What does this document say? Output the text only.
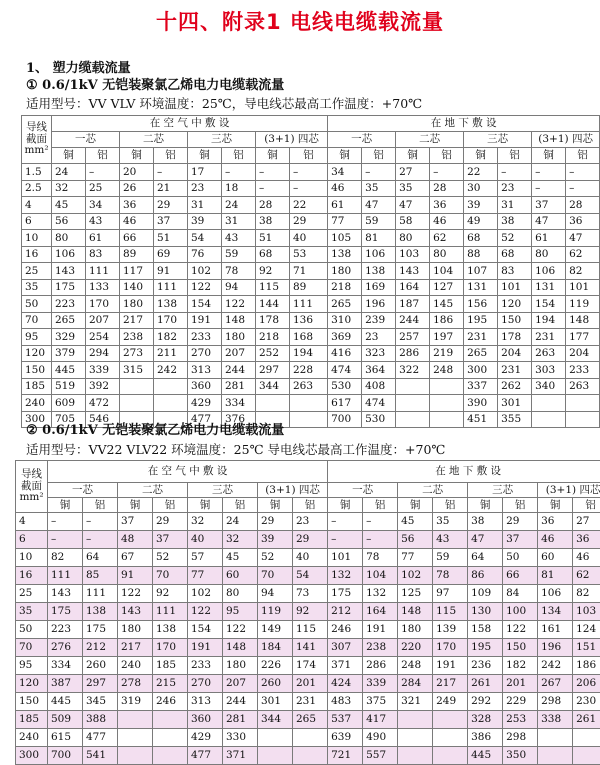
十四、附录1 电线电缆载流量
1、 塑力缆载流量
① 0.6/1kV 无铠装聚氯乙烯电力电缆载流量
适用型号：VV VLV 环境温度：25℃，导电线芯最高工作温度：+70℃
导线
截面
mm²	在 空 气 中 敷 设								在 地 下 敷 设							
	一芯		二芯		三芯		(3+1) 四芯		一芯		二芯		三芯		(3+1) 四芯	
	铜	铝	铜	铝	铜	铝	铜	铝	铜	铝	铜	铝	铜	铝	铜	铝
1.5	24	–	20	–	17	–	–	–	34	–	27	–	22	–	–	–
2.5	32	25	26	21	23	18	–	–	46	35	35	28	30	23	–	–
4	45	34	36	29	31	24	28	22	61	47	47	36	39	31	37	28
6	56	43	46	37	39	31	38	29	77	59	58	46	49	38	47	36
10	80	61	66	51	54	43	51	40	105	81	80	62	68	52	61	47
16	106	83	89	69	76	59	68	53	138	106	103	80	88	68	80	62
25	143	111	117	91	102	78	92	71	180	138	143	104	107	83	106	82
35	175	133	140	111	122	94	115	89	218	169	164	127	131	101	131	101
50	223	170	180	138	154	122	144	111	265	196	187	145	156	120	154	119
70	265	207	217	170	191	148	178	136	310	239	244	186	195	150	194	148
95	329	254	238	182	233	180	218	168	369	23	257	197	231	178	231	177
120	379	294	273	211	270	207	252	194	416	323	286	219	265	204	263	204
150	445	339	315	242	313	244	297	228	474	364	322	248	300	231	303	233
185	519	392			360	281	344	263	530	408			337	262	340	263
240	609	472			429	334			617	474			390	301		
300	705	546			477	376			700	530			451	355		
② 0.6/1kV 无铠装聚氯乙烯电力电缆载流量
适用型号：VV22 VLV22 环境温度：25℃ 导电线芯最高工作温度：+70℃
导线
截面
mm²	在 空 气 中 敷 设								在 地 下 敷 设							
	一芯		二芯		三芯		(3+1) 四芯		一芯		二芯		三芯		(3+1) 四芯	
	铜	铝	铜	铝	铜	铝	铜	铝	铜	铝	铜	铝	铜	铝	铜	铝
4	–	–	37	29	32	24	29	23	–	–	45	35	38	29	36	27
6	–	–	48	37	40	32	39	29	–	–	56	43	47	37	46	36
10	82	64	67	52	57	45	52	40	101	78	77	59	64	50	60	46
16	111	85	91	70	77	60	70	54	132	104	102	78	86	66	81	62
25	143	111	122	92	102	80	94	73	175	132	125	97	109	84	106	82
35	175	138	143	111	122	95	119	92	212	164	148	115	130	100	134	103
50	223	175	180	138	154	122	149	115	246	191	180	139	158	122	161	124
70	276	212	217	170	191	148	184	141	307	238	220	170	195	150	196	151
95	334	260	240	185	233	180	226	174	371	286	248	191	236	182	242	186
120	387	297	278	215	270	207	260	201	424	339	284	217	261	201	267	206
150	445	345	319	246	313	244	301	231	483	375	321	249	292	229	298	230
185	509	388			360	281	344	265	537	417			328	253	338	261
240	615	477			429	330			639	490			386	298		
300	700	541			477	371			721	557			445	350		
